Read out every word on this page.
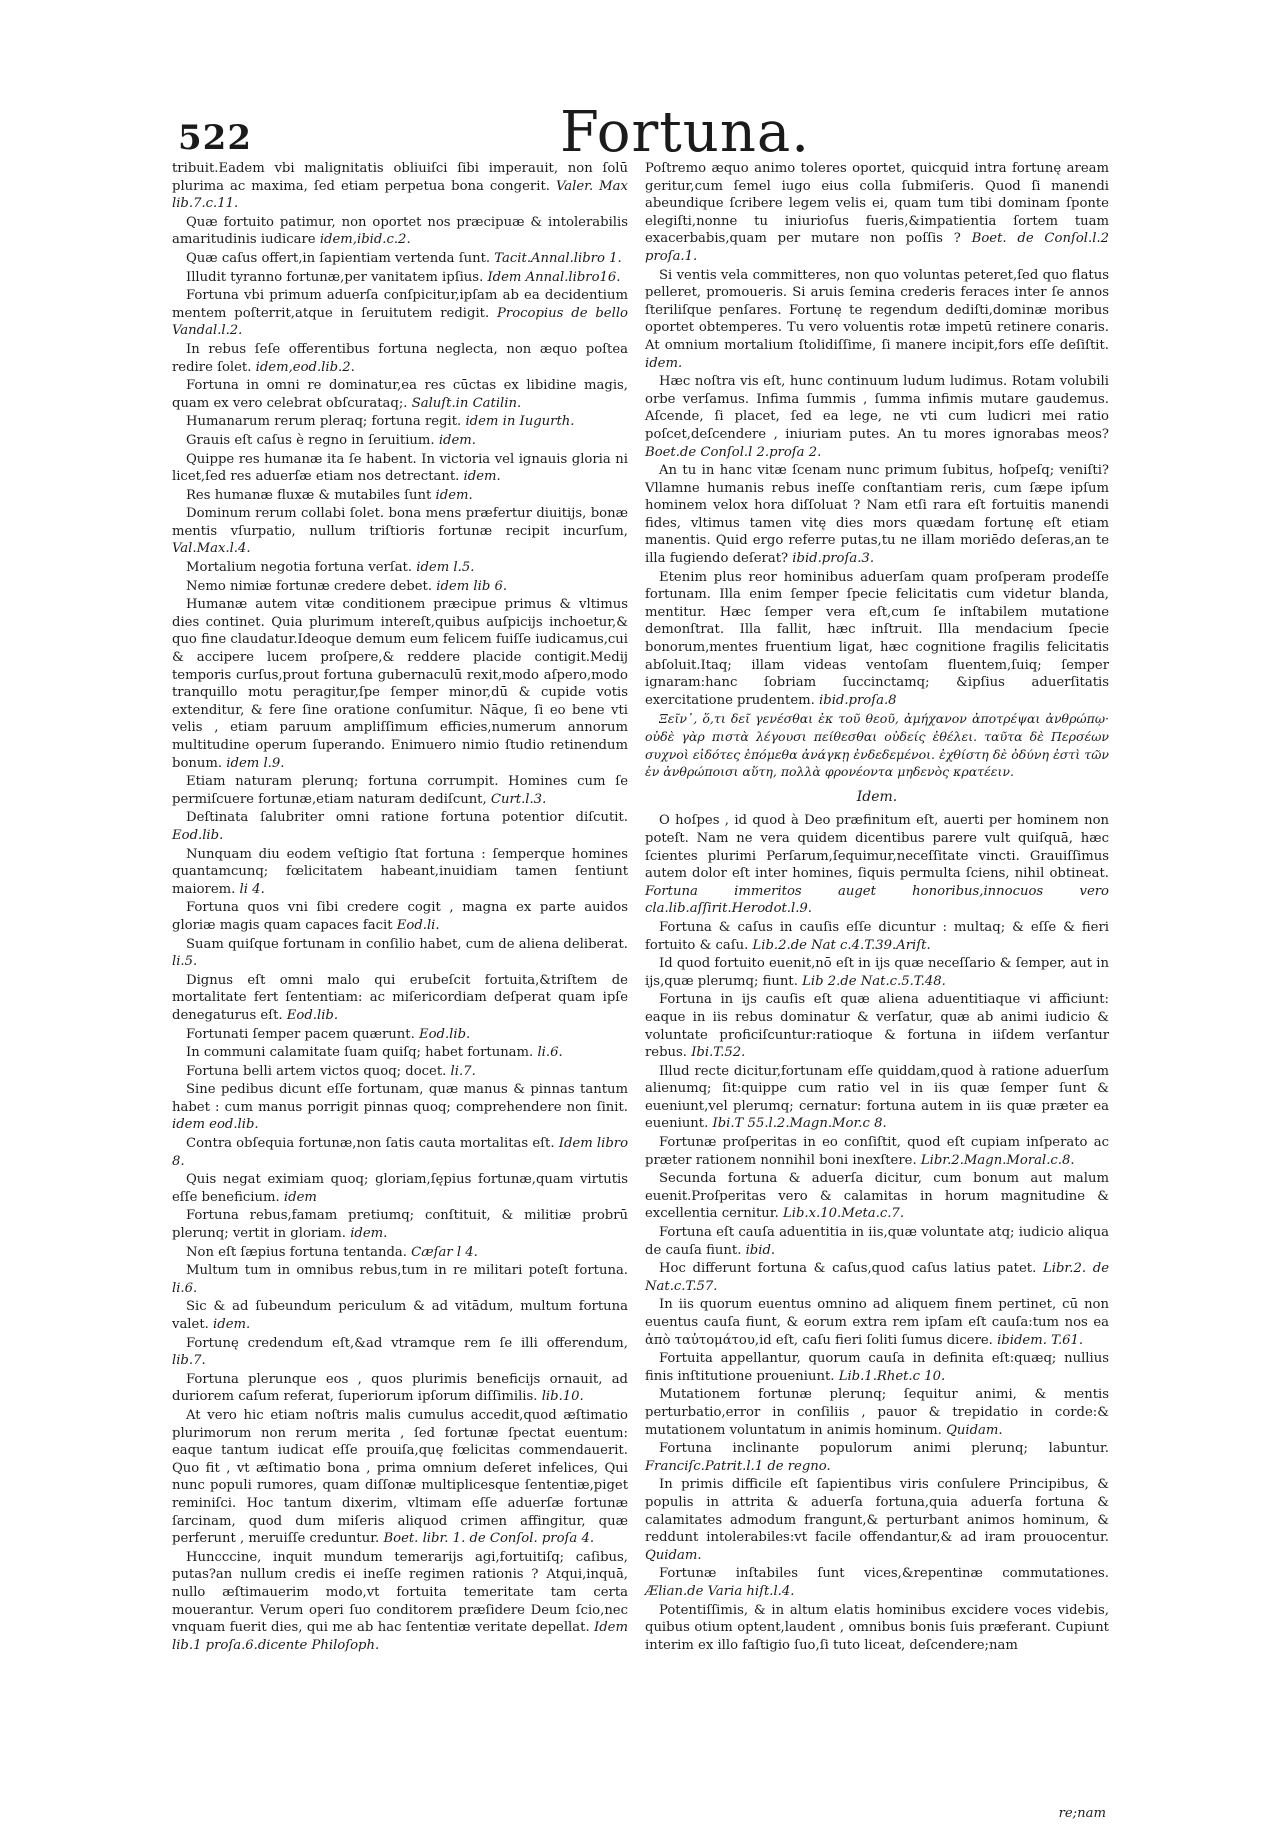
522	Fortuna.

tribuit.Eadem vbi malignitatis obliuiſci ſibi imperauit, non ſolū plurima ac maxima, ſed etiam perpetua bona congerit. Valer. Max lib.7.c.11.

Quæ fortuito patimur, non oportet nos præcipuæ & intolerabilis amaritudinis iudicare idem,ibid.c.2.

Quæ caſus offert,in ſapientiam vertenda ſunt. Tacit.Annal.libro 1.

Illudit tyranno fortunæ,per vanitatem ipſius. Idem Annal.libro16.

Fortuna vbi primum aduerſa conſpicitur,ipſam ab ea decidentium mentem poſterrit,atque in ſeruitutem redigit. Procopius de bello Vandal.l.2.

In rebus ſeſe offerentibus fortuna neglecta, non æquo poſtea redire ſolet. idem,eod.lib.2.

Fortuna in omni re dominatur,ea res cūctas ex libidine magis, quam ex vero celebrat obſcurataq;. Saluſt.in Catilin.

Humanarum rerum pleraq; fortuna regit. idem in Iugurth.

Grauis eſt caſus è regno in ſeruitium. idem.

Quippe res humanæ ita ſe habent. In victoria vel ignauis gloria ni licet,ſed res aduerſæ etiam nos detrectant. idem.

Res humanæ fluxæ & mutabiles ſunt idem.

Dominum rerum collabi ſolet. bona mens præfertur diuitijs, bonæ mentis vſurpatio, nullum triſtioris fortunæ recipit incurſum, Val.Max.l.4.

Mortalium negotia fortuna verſat. idem l.5.

Nemo nimiæ fortunæ credere debet. idem lib 6.

Humanæ autem vitæ conditionem præcipue primus & vltimus dies continet. Quia plurimum intereſt,quibus auſpicijs inchoetur,& quo fine claudatur.Ideoque demum eum felicem fuiſſe iudicamus,cui & accipere lucem proſpere,& reddere placide contigit.Medij temporis curſus,prout fortuna gubernaculū rexit,modo aſpero,modo tranquillo motu peragitur,ſpe ſemper minor,dū & cupide votis extenditur, & fere ſine oratione conſumitur. Nāque, ſi eo bene vti velis , etiam paruum ampliſſimum efficies,numerum annorum multitudine operum ſuperando. Enimuero nimio ſtudio retinendum bonum. idem l.9.

Etiam naturam plerunq; fortuna corrumpit. Homines cum ſe permiſcuere fortunæ,etiam naturam dediſcunt, Curt.l.3.

Deſtinata ſalubriter omni ratione fortuna potentior diſcutit. Eod.lib.

Nunquam diu eodem veſtigio ſtat fortuna : ſemperque homines quantamcunq; fœlicitatem habeant,inuidiam tamen ſentiunt maiorem. li 4.

Fortuna quos vni ſibi credere cogit , magna ex parte auidos gloriæ magis quam capaces facit Eod.li.

Suam quiſque fortunam in conſilio habet, cum de aliena deliberat. li.5.

Dignus eſt omni malo qui erubeſcit fortuita,&triſtem de mortalitate fert ſententiam: ac miſericordiam deſperat quam ipſe denegaturus eſt. Eod.lib.

Fortunati ſemper pacem quærunt. Eod.lib.

In communi calamitate ſuam quiſq; habet fortunam. li.6.

Fortuna belli artem victos quoq; docet. li.7.

Sine pedibus dicunt eſſe fortunam, quæ manus & pinnas tantum habet : cum manus porrigit pinnas quoq; comprehendere non ſinit. idem eod.lib.

Contra obſequia fortunæ,non ſatis cauta mortalitas eſt. Idem libro 8.

Quis negat eximiam quoq; gloriam,ſępius fortunæ,quam virtutis eſſe beneficium. idem

Fortuna rebus,famam pretiumq; conſtituit, & militiæ probrū plerunq; vertit in gloriam. idem.

Non eſt ſæpius fortuna tentanda. Cæſar l 4.

Multum tum in omnibus rebus,tum in re militari poteſt fortuna. li.6.

Sic & ad ſubeundum periculum & ad vitādum, multum fortuna valet. idem.

Fortunę credendum eſt,&ad vtramque rem ſe illi offerendum, lib.7.

Fortuna plerunque eos , quos plurimis beneficijs ornauit, ad duriorem caſum referat, ſuperiorum ipſorum diſſimilis. lib.10.

At vero hic etiam noſtris malis cumulus accedit,quod æſtimatio plurimorum non rerum merita , ſed fortunæ ſpectat euentum: eaque tantum iudicat eſſe prouiſa,quę fœlicitas commendauerit. Quo fit , vt æſtimatio bona , prima omnium deſeret infelices, Qui nunc populi rumores, quam diſſonæ multiplicesque ſententiæ,piget reminiſci. Hoc tantum dixerim, vltimam eſſe aduerſæ fortunæ ſarcinam, quod dum miſeris aliquod crimen affingitur, quæ perferunt , meruiſſe creduntur. Boet. libr. 1. de Conſol. proſa 4.

Huncccine, inquit mundum temerarijs agi,fortuitiſq; caſibus, putas?an nullum credis ei ineſſe regimen rationis ? Atqui,inquā, nullo æſtimauerim modo,vt fortuita temeritate tam certa mouerantur. Verum operi ſuo conditorem præſidere Deum ſcio,nec vnquam fuerit dies, qui me ab hac ſententiæ veritate depellat. Idem lib.1 proſa.6.dicente Philoſoph.

Poſtremo æquo animo toleres oportet, quicquid intra fortunę aream geritur,cum ſemel iugo eius colla ſubmiſeris. Quod ſi manendi abeundique ſcribere legem velis ei, quam tum tibi dominam ſponte elegiſti,nonne tu iniurioſus fueris,&impatientia ſortem tuam exacerbabis,quam per mutare non poſſis ? Boet. de Conſol.l.2 proſa.1.

Si ventis vela committeres, non quo voluntas peteret,ſed quo flatus pelleret, promoueris. Si aruis ſemina crederis feraces inter ſe annos ſteriliſque penſares. Fortunę te regendum dediſti,dominæ moribus oportet obtemperes. Tu vero voluentis rotæ impetū retinere conaris. At omnium mortalium ſtolidiſſime, ſi manere incipit,fors eſſe deſiſtit. idem.

Hæc noſtra vis eſt, hunc continuum ludum ludimus. Rotam volubili orbe verſamus. Infima ſummis , ſumma infimis mutare gaudemus. Aſcende, ſi placet, ſed ea lege, ne vti cum ludicri mei ratio poſcet,deſcendere , iniuriam putes. An tu mores ignorabas meos? Boet.de Conſol.l 2.proſa 2.

An tu in hanc vitæ ſcenam nunc primum ſubitus, hoſpeſq; veniſti?Vllamne humanis rebus ineſſe conſtantiam reris, cum ſæpe ipſum hominem velox hora diſſoluat ? Nam etſi rara eſt fortuitis manendi fides, vltimus tamen vitę dies mors quædam fortunę eſt etiam manentis. Quid ergo referre putas,tu ne illam moriēdo deſeras,an te illa fugiendo deſerat? ibid.proſa.3.

Etenim plus reor hominibus aduerſam quam proſperam prodeſſe fortunam. Illa enim ſemper ſpecie felicitatis cum videtur blanda, mentitur. Hæc ſemper vera eſt,cum ſe inſtabilem mutatione demonſtrat. Illa fallit, hæc inſtruit. Illa mendacium ſpecie bonorum,mentes fruentium ligat, hæc cognitione fragilis felicitatis abſoluit.Itaq; illam videas ventoſam fluentem,ſuiq; ſemper ignaram:hanc ſobriam ſuccinctamq; &ipſius aduerſitatis exercitatione prudentem. ibid.proſa.8

Ξεῖν᾽, ὅ,τι δεῖ γενέσθαι ἐκ τοῦ θεοῦ, ἀμήχανον ἀποτρέψαι ἀνθρώπῳ· οὐδὲ γὰρ πιστὰ λέγουσι πείθεσθαι οὐδείς ἐθέλει. ταῦτα δὲ Περσέων συχνοὶ εἰδότες ἑπόμεθα ἀνάγκῃ ἐνδεδεμένοι. ἐχθίστη δὲ ὀδύνη ἐστὶ τῶν ἐν ἀνθρώποισι αὕτη, πολλὰ φρονέοντα μηδενὸς κρατέειν.

Idem.

O hoſpes , id quod à Deo præfinitum eſt, auerti per hominem non poteſt. Nam ne vera quidem dicentibus parere vult quiſquā, hæc ſcientes plurimi Perſarum,ſequimur,neceſſitate vincti. Grauiſſimus autem dolor eſt inter homines, ſiquis permulta ſciens, nihil obtineat. Fortuna immeritos auget honoribus,innocuos vero cla.lib.aſſirit.Herodot.l.9.

Fortuna & caſus in cauſis eſſe dicuntur : multaq; & eſſe & fieri fortuito & caſu. Lib.2.de Nat c.4.T.39.Ariſt.

Id quod fortuito euenit,nō eſt in ijs quæ neceſſario & ſemper, aut in ijs,quæ plerumq; fiunt. Lib 2.de Nat.c.5.T.48.

Fortuna in ijs cauſis eſt quæ aliena aduentitiaque vi afficiunt: eaque in iis rebus dominatur & verſatur, quæ ab animi iudicio & voluntate proficiſcuntur:ratioque & fortuna in iiſdem verſantur rebus. Ibi.T.52.

Illud recte dicitur,fortunam eſſe quiddam,quod à ratione aduerſum alienumq; ſit:quippe cum ratio vel in iis quæ ſemper ſunt & eueniunt,vel plerumq; cernatur: fortuna autem in iis quæ præter ea eueniunt. Ibi.T 55.l.2.Magn.Mor.c 8.

Fortunæ proſperitas in eo conſiſtit, quod eſt cupiam inſperato ac præter rationem nonnihil boni inexſtere. Libr.2.Magn.Moral.c.8.

Secunda fortuna & aduerſa dicitur, cum bonum aut malum euenit.Proſperitas vero & calamitas in horum magnitudine & excellentia cernitur. Lib.x.10.Meta.c.7.

Fortuna eſt cauſa aduentitia in iis,quæ voluntate atq; iudicio aliqua de cauſa fiunt. ibid.

Hoc differunt fortuna & caſus,quod caſus latius patet. Libr.2. de Nat.c.T.57.

In iis quorum euentus omnino ad aliquem finem pertinet, cū non euentus cauſa fiunt, & eorum extra rem ipſam eſt cauſa:tum nos ea ἀπὸ ταὐτομάτου,id eſt, caſu fieri ſoliti ſumus dicere. ibidem. T.61.

Fortuita appellantur, quorum cauſa in definita eſt:quæq; nullius finis inſtitutione proueniunt. Lib.1.Rhet.c 10.

Mutationem fortunæ plerunq; ſequitur animi, & mentis perturbatio,error in conſiliis , pauor & trepidatio in corde:& mutationem voluntatum in animis hominum. Quidam.

Fortuna inclinante populorum animi plerunq; labuntur. Franciſc.Patrit.l.1 de regno.

In primis difficile eſt ſapientibus viris conſulere Principibus, & populis in attrita & aduerſa fortuna,quia aduerſa fortuna & calamitates admodum frangunt,& perturbant animos hominum, & reddunt intolerabiles:vt facile offendantur,& ad iram prouocentur. Quidam.

Fortunæ inſtabiles ſunt vices,&repentinæ commutationes. Ælian.de Varia hiſt.l.4.

Potentiſſimis, & in altum elatis hominibus excidere voces videbis, quibus otium optent,laudent , omnibus bonis ſuis præferant. Cupiunt interim ex illo faſtigio ſuo,ſi tuto liceat, deſcendere;nam

re;nam
